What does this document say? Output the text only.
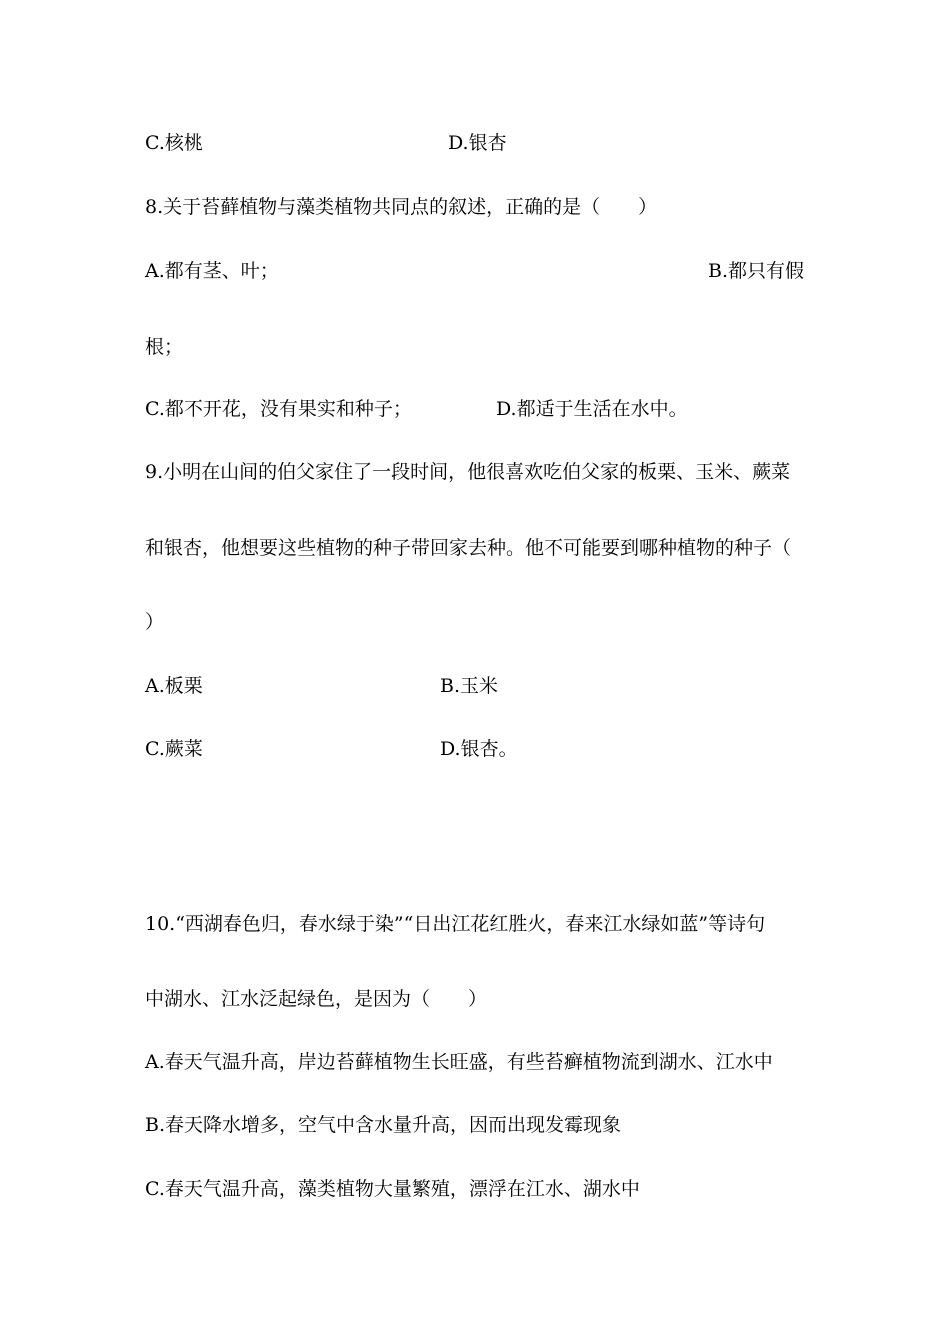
C.核桃	D.银杏
8.关于苔藓植物与藻类植物共同点的叙述，正确的是（　　）
A.都有茎、叶；	B.都只有假
根；
C.都不开花，没有果实和种子；	D.都适于生活在水中。
9.小明在山间的伯父家住了一段时间，他很喜欢吃伯父家的板栗、玉米、蕨菜
和银杏，他想要这些植物的种子带回家去种。他不可能要到哪种植物的种子（
）
A.板栗	B.玉米
C.蕨菜	D.银杏。
10.“西湖春色归，春水绿于染”“日出江花红胜火，春来江水绿如蓝”等诗句
中湖水、江水泛起绿色，是因为（　　）
A.春天气温升高，岸边苔藓植物生长旺盛，有些苔癣植物流到湖水、江水中
B.春天降水增多，空气中含水量升高，因而出现发霉现象
C.春天气温升高，藻类植物大量繁殖，漂浮在江水、湖水中
